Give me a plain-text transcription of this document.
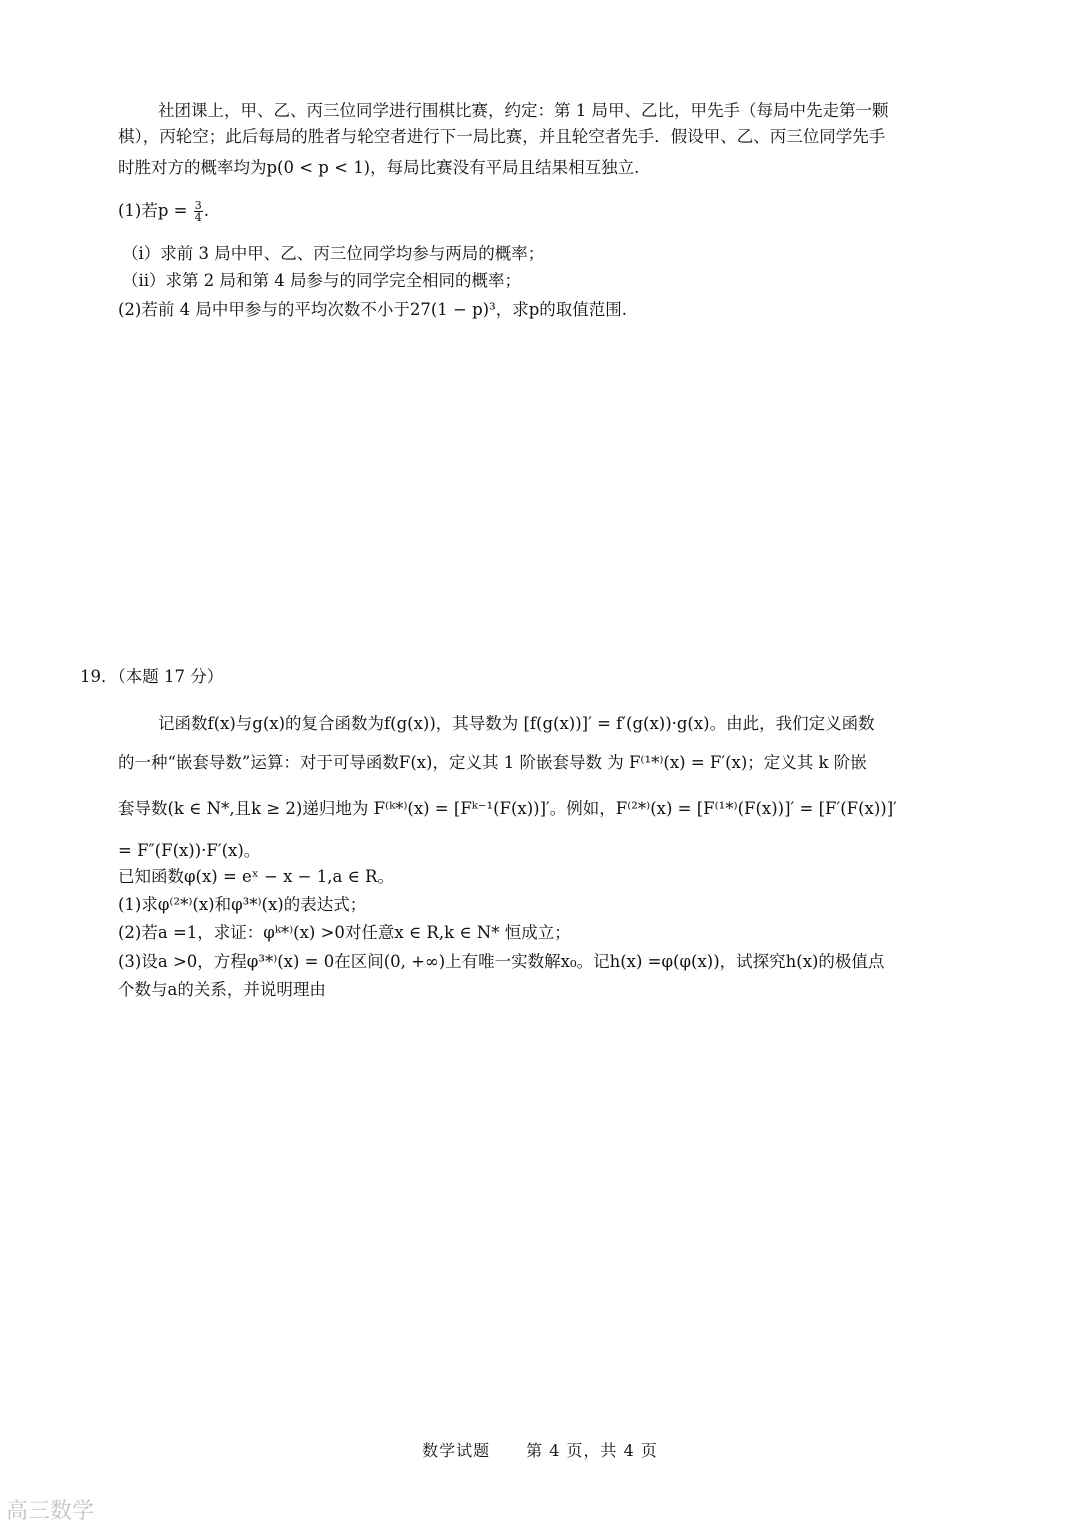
社团课上，甲、乙、丙三位同学进行围棋比赛，约定：第 1 局甲、乙比，甲先手（每局中先走第一颗
棋），丙轮空；此后每局的胜者与轮空者进行下一局比赛，并且轮空者先手．假设甲、乙、丙三位同学先手
时胜对方的概率均为p(0 < p < 1)，每局比赛没有平局且结果相互独立.
(1)若$p = \frac{3}{4}$ .
（i）求前 3 局中甲、乙、丙三位同学均参与两局的概率；
（ii）求第 2 局和第 4 局参与的同学完全相同的概率；
(2)若前 4 局中甲参与的平均次数不小于27(1 − p)³，求p的取值范围.
19．（本题 17 分）
记函数f(x)与g(x)的复合函数为f(g(x))，其导数为 [f(g(x))]′ = f′(g(x))·g(x)。由此，我们定义函数
的一种“嵌套导数”运算：对于可导函数F(x)，定义其 1 阶嵌套导数 为 F⁽¹*⁾(x) = F′(x)；定义其 k 阶嵌
套导数(k ∈ N*,且k ≥ 2)递归地为 F⁽ᵏ*⁾(x) = [Fᵏ⁻¹(F(x))]′。例如，F⁽²*⁾(x) = [F⁽¹*⁾(F(x))]′ = [F′(F(x))]′
= F″(F(x))·F′(x)。
已知函数φ(x) = eˣ − x − 1,a ∈ R。
(1)求φ⁽²*⁾(x)和φ³*⁾(x)的表达式；
(2)若a =1，求证：φᵏ*⁾(x) >0对任意x ∈ R,k ∈ N* 恒成立；
(3)设a >0，方程φ³*⁾(x) = 0在区间(0, +∞)上有唯一实数解x₀。记h(x) =φ(φ(x))，试探究h(x)的极值点
个数与a的关系，并说明理由
数学试题 第 4 页，共 4 页
高三数学
